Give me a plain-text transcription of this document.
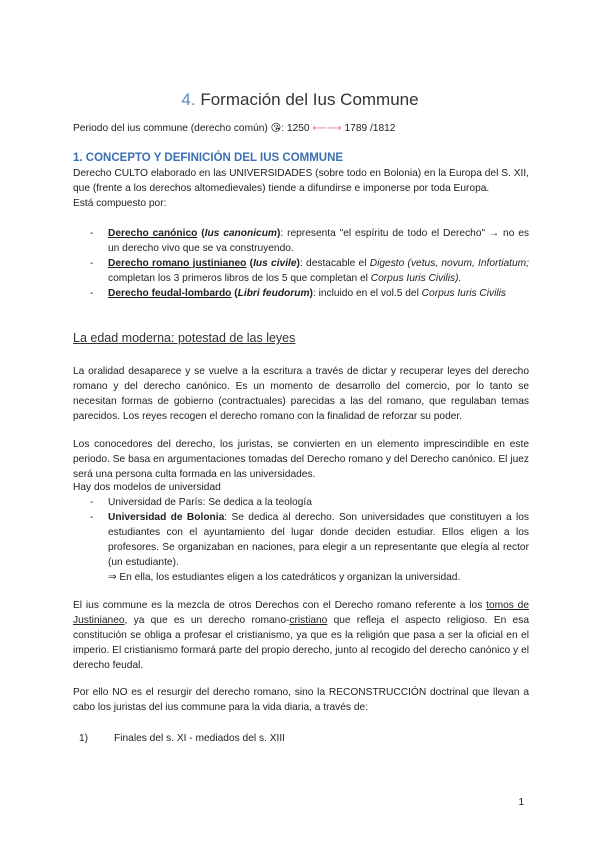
4. Formación del Ius Commune
Periodo del ius commune (derecho común) 😘: 1250 ⟵⟶ 1789 /1812
1. CONCEPTO Y DEFINICIÓN DEL IUS COMMUNE
Derecho CULTO elaborado en las UNIVERSIDADES (sobre todo en Bolonia) en la Europa del S. XII, que (frente a los derechos altomedievales) tiende a difundirse e imponerse por toda Europa.
Está compuesto por:
- Derecho canónico (Ius canonicum): representa "el espíritu de todo el Derecho" → no es un derecho vivo que se va construyendo.
- Derecho romano justinianeo (Ius civile): destacable el Digesto (vetus, novum, Infortiatum; completan los 3 primeros libros de los 5 que completan el Corpus Iuris Civilis).
- Derecho feudal-lombardo (Libri feudorum): incluido en el vol.5 del Corpus Iuris Civilis
La edad moderna: potestad de las leyes
La oralidad desaparece y se vuelve a la escritura a través de dictar y recuperar leyes del derecho romano y del derecho canónico. Es un momento de desarrollo del comercio, por lo tanto se necesitan formas de gobierno (contractuales) parecidas a las del romano, que regulaban temas parecidos. Los reyes recogen el derecho romano con la finalidad de reforzar su poder.
Los conocedores del derecho, los juristas, se convierten en un elemento imprescindible en este periodo. Se basa en argumentaciones tomadas del Derecho romano y del Derecho canónico. El juez será una persona culta formada en las universidades.
Hay dos modelos de universidad
- Universidad de París: Se dedica a la teología
- Universidad de Bolonia: Se dedica al derecho. Son universidades que constituyen a los estudiantes con el ayuntamiento del lugar donde deciden estudiar. Ellos eligen a los profesores. Se organizaban en naciones, para elegir a un representante que elegía al rector (un estudiante).
⇒ En ella, los estudiantes eligen a los catedráticos y organizan la universidad.
El ius commune es la mezcla de otros Derechos con el Derecho romano referente a los tomos de Justinianeo, ya que es un derecho romano-cristiano que refleja el aspecto religioso. En esa constitución se obliga a profesar el cristianismo, ya que es la religión que pasa a ser la oficial en el imperio. El cristianismo formará parte del propio derecho, junto al recogido del derecho canónico y el derecho feudal.
Por ello NO es el resurgir del derecho romano, sino la RECONSTRUCCIÓN doctrinal que llevan a cabo los juristas del ius commune para la vida diaria, a través de:
1)	Finales del s. XI - mediados del s. XIII
1
